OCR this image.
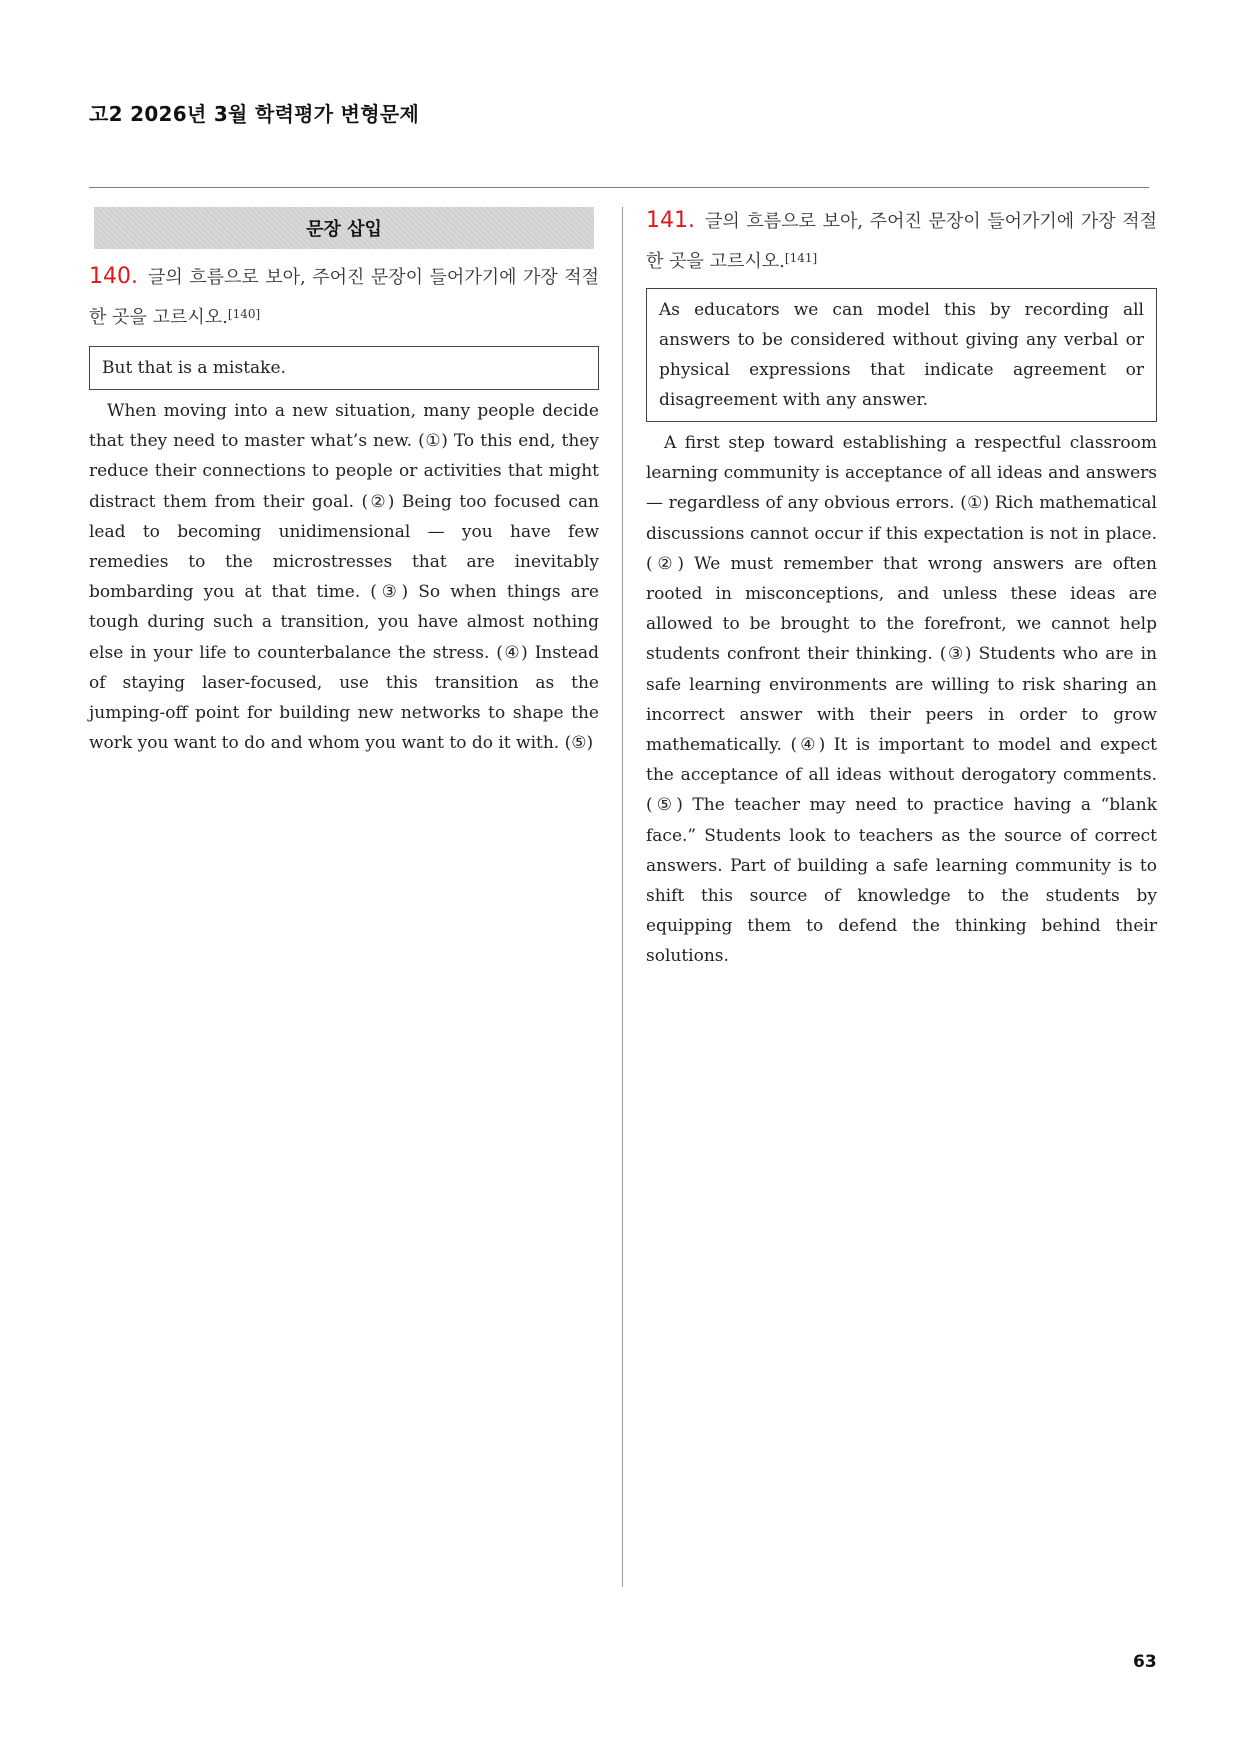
고2 2026년 3월 학력평가 변형문제
문장 삽입
140. 글의 흐름으로 보아, 주어진 문장이 들어가기에 가장 적절한 곳을 고르시오.[140]
But that is a mistake.

When moving into a new situation, many people decide that they need to master what’s new. (①) To this end, they reduce their connections to people or activities that might distract them from their goal. (②) Being too focused can lead to becoming unidimensional — you have few remedies to the microstresses that are inevitably bombarding you at that time. (③) So when things are tough during such a transition, you have almost nothing else in your life to counterbalance the stress. (④) Instead of staying laser-focused, use this transition as the jumping-off point for building new networks to shape the work you want to do and whom you want to do it with. (⑤)

141. 글의 흐름으로 보아, 주어진 문장이 들어가기에 가장 적절한 곳을 고르시오.[141]
As educators we can model this by recording all answers to be considered without giving any verbal or physical expressions that indicate agreement or disagreement with any answer.

A first step toward establishing a respectful classroom learning community is acceptance of all ideas and answers — regardless of any obvious errors. (①) Rich mathematical discussions cannot occur if this expectation is not in place. (②) We must remember that wrong answers are often rooted in misconceptions, and unless these ideas are allowed to be brought to the forefront, we cannot help students confront their thinking. (③) Students who are in safe learning environments are willing to risk sharing an incorrect answer with their peers in order to grow mathematically. (④) It is important to model and expect the acceptance of all ideas without derogatory comments. (⑤) The teacher may need to practice having a “blank face.” Students look to teachers as the source of correct answers. Part of building a safe learning community is to shift this source of knowledge to the students by equipping them to defend the thinking behind their solutions.

63
